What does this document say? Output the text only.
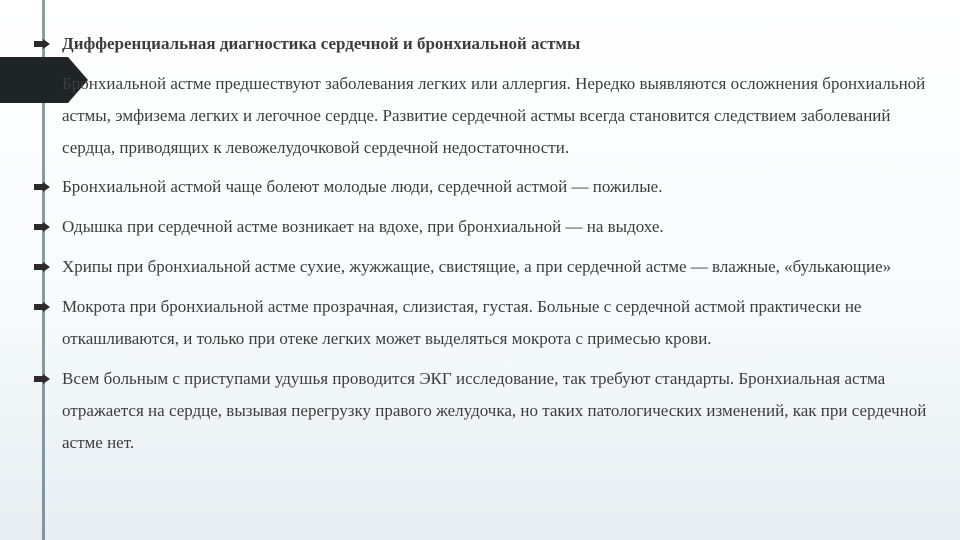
Дифференциальная диагностика сердечной и бронхиальной астмы

Бронхиальной астме предшествуют заболевания легких или аллергия. Нередко выявляются осложнения бронхиальной астмы, эмфизема легких и легочное сердце. Развитие сердечной астмы всегда становится следствием заболеваний сердца, приводящих к левожелудочковой сердечной недостаточности.

Бронхиальной астмой чаще болеют молодые люди, сердечной астмой — пожилые.
Одышка при сердечной астме возникает на вдохе, при бронхиальной — на выдохе.
Хрипы при бронхиальной астме сухие, жужжащие, свистящие, а при сердечной астме — влажные, «булькающие»
Мокрота при бронхиальной астме прозрачная, слизистая, густая. Больные с сердечной астмой практически не откашливаются, и только при отеке легких может выделяться мокрота с примесью крови.
Всем больным с приступами удушья проводится ЭКГ исследование, так требуют стандарты. Бронхиальная астма отражается на сердце, вызывая перегрузку правого желудочка, но таких патологических изменений, как при сердечной астме нет.
